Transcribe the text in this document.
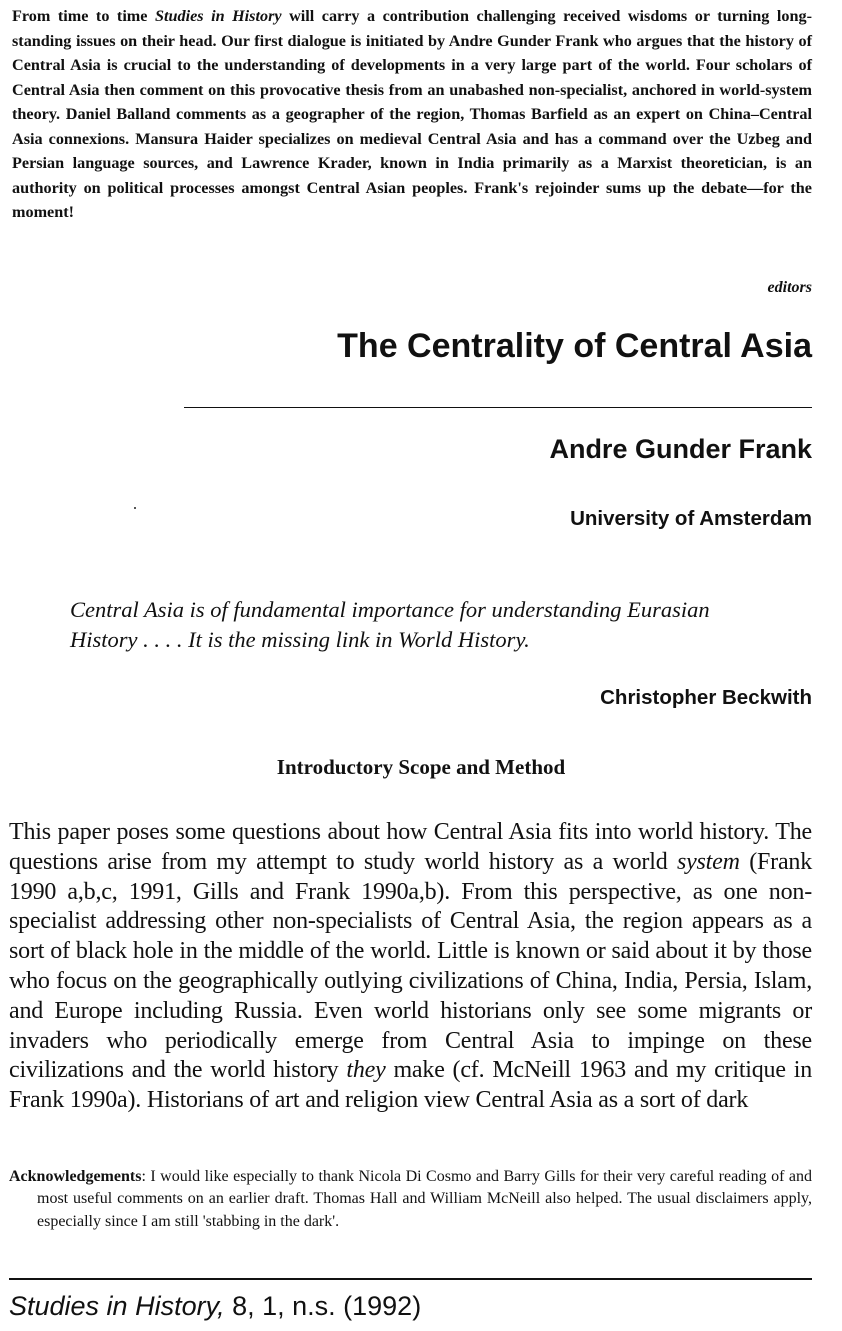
From time to time Studies in History will carry a contribution challenging received wisdoms or turning long-standing issues on their head. Our first dialogue is initiated by Andre Gunder Frank who argues that the history of Central Asia is crucial to the understanding of developments in a very large part of the world. Four scholars of Central Asia then comment on this provocative thesis from an unabashed non-specialist, anchored in world-system theory. Daniel Balland comments as a geographer of the region, Thomas Barfield as an expert on China–Central Asia connexions. Mansura Haider specializes on medieval Central Asia and has a command over the Uzbeg and Persian language sources, and Lawrence Krader, known in India primarily as a Marxist theoretician, is an authority on political processes amongst Central Asian peoples. Frank's rejoinder sums up the debate—for the moment!
editors
The Centrality of Central Asia
Andre Gunder Frank
University of Amsterdam
Central Asia is of fundamental importance for understanding Eurasian
History . . . . It is the missing link in World History.
Christopher Beckwith
Introductory Scope and Method
This paper poses some questions about how Central Asia fits into world history. The questions arise from my attempt to study world history as a world system (Frank 1990 a,b,c, 1991, Gills and Frank 1990a,b). From this perspective, as one non-specialist addressing other non-specialists of Central Asia, the region appears as a sort of black hole in the middle of the world. Little is known or said about it by those who focus on the geographically outlying civilizations of China, India, Persia, Islam, and Europe including Russia. Even world historians only see some migrants or invaders who periodically emerge from Central Asia to impinge on these civilizations and the world history they make (cf. McNeill 1963 and my critique in Frank 1990a). Historians of art and religion view Central Asia as a sort of dark
Acknowledgements: I would like especially to thank Nicola Di Cosmo and Barry Gills for their very careful reading of and most useful comments on an earlier draft. Thomas Hall and William McNeill also helped. The usual disclaimers apply, especially since I am still 'stabbing in the dark'.
Studies in History, 8, 1, n.s. (1992)
